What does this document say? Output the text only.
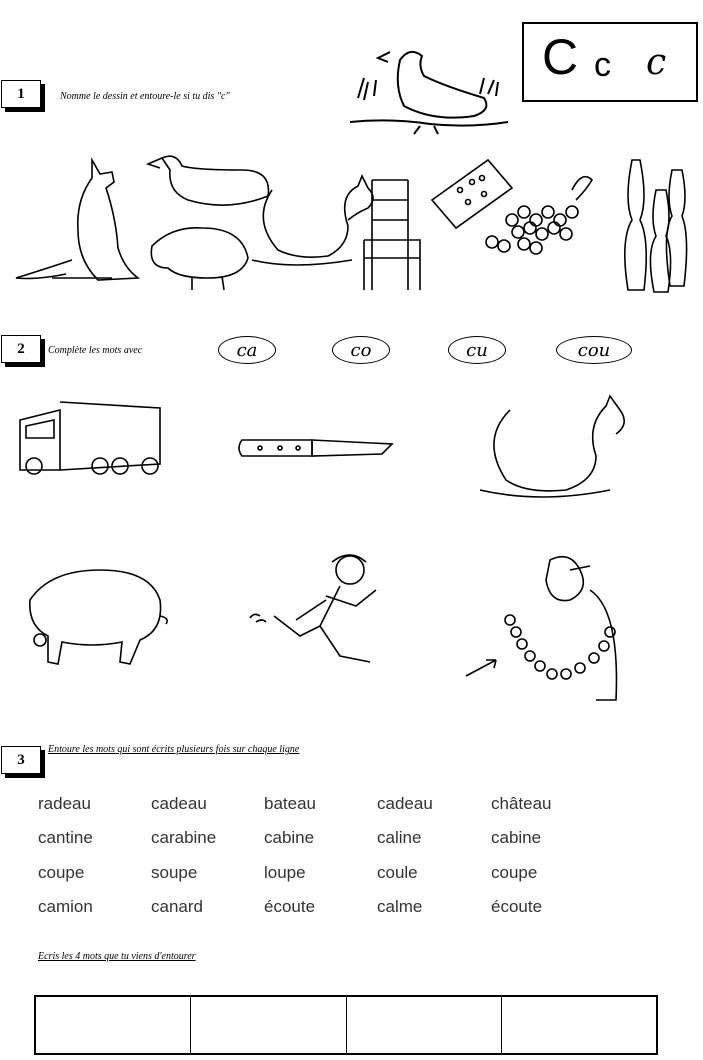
C c c
1	Nomme le dessin et entoure-le si tu dis "c"
2	Complète les mots avec	ca	co	cu	cou
3
Entoure les mots qui sont écrits plusieurs fois sur chaque ligne
radeau	cadeau	bateau	cadeau	château
cantine	carabine	cabine	caline	cabine
coupe	soupe	loupe	coule	coupe
camion	canard	écoute	calme	écoute
Ecris les 4 mots que tu viens d'entourer
